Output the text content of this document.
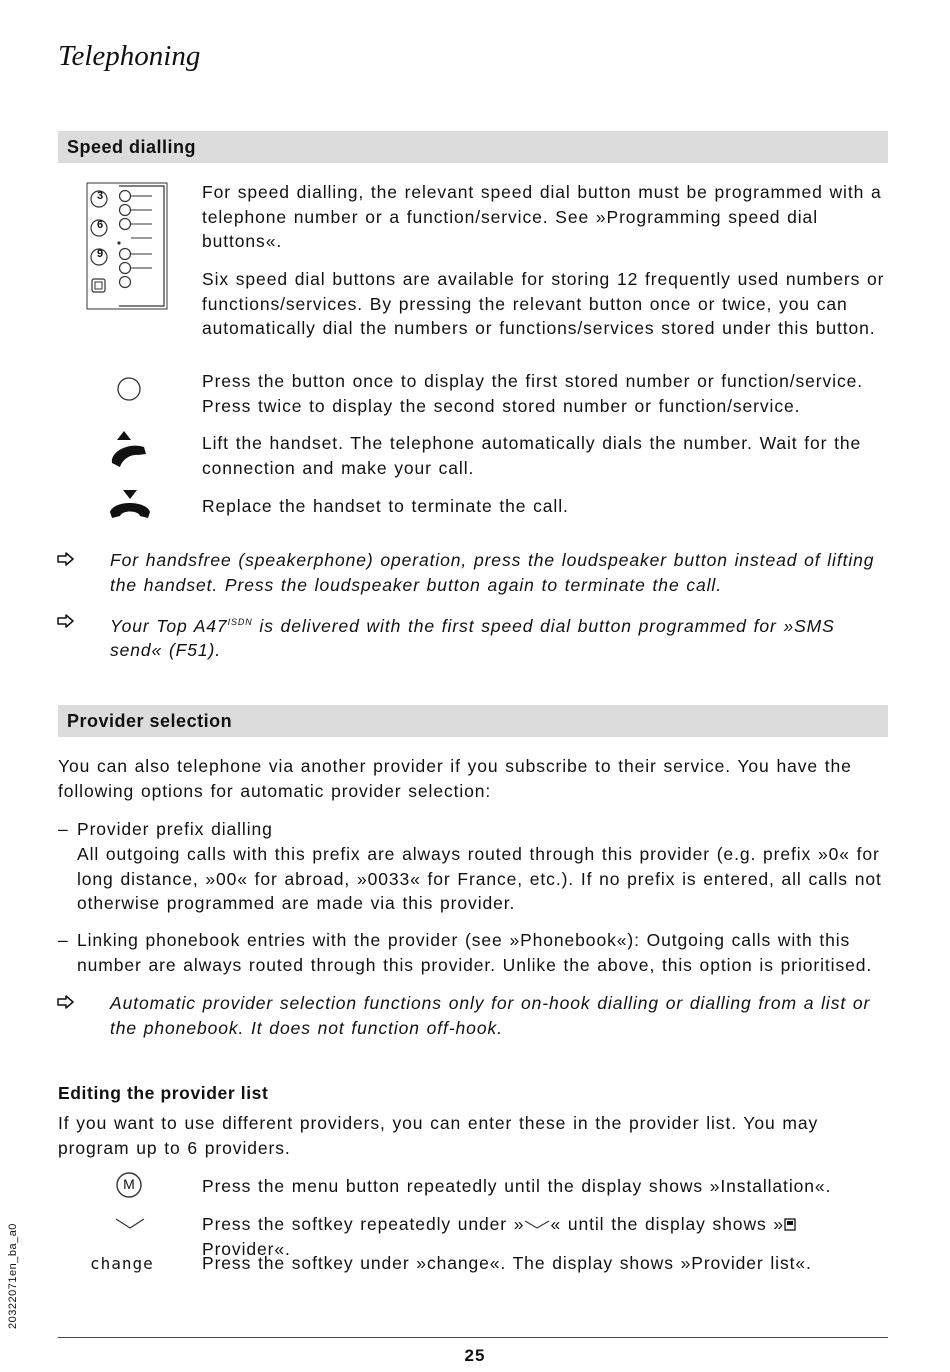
Telephoning
Speed dialling
3
6
9
For speed dialling, the relevant speed dial button must be programmed with a telephone number or a function/service. See »Programming speed dial buttons«.
Six speed dial buttons are available for storing 12 frequently used numbers or functions/services. By pressing the relevant button once or twice, you can automatically dial the numbers or functions/services stored under this button.
Press the button once to display the first stored number or function/service. Press twice to display the second stored number or function/service.
Lift the handset. The telephone automatically dials the number. Wait for the connection and make your call.
Replace the handset to terminate the call.
For handsfree (speakerphone) operation, press the loudspeaker button instead of lifting the handset. Press the loudspeaker button again to terminate the call.
Your Top $A47^{ISDN}$ is delivered with the first speed dial button programmed for »SMS send« (F51).
Provider selection
You can also telephone via another provider if you subscribe to their service. You have the following options for automatic provider selection:
– Provider prefix dialling
All outgoing calls with this prefix are always routed through this provider (e.g. prefix »0« for long distance, »00« for abroad, »0033« for France, etc.). If no prefix is entered, all calls not otherwise programmed are made via this provider.
– Linking phonebook entries with the provider (see »Phonebook«): Outgoing calls with this number are always routed through this provider. Unlike the above, this option is prioritised.
Automatic provider selection functions only for on-hook dialling or dialling from a list or the phonebook. It does not function off-hook.
Editing the provider list
If you want to use different providers, you can enter these in the provider list. You may program up to 6 providers.
M	Press the menu button repeatedly until the display shows »Installation«.
Press the softkey repeatedly under » « until the display shows » Provider«.
change	Press the softkey under »change«. The display shows »Provider list«.
20322071en_ba_a0
25
